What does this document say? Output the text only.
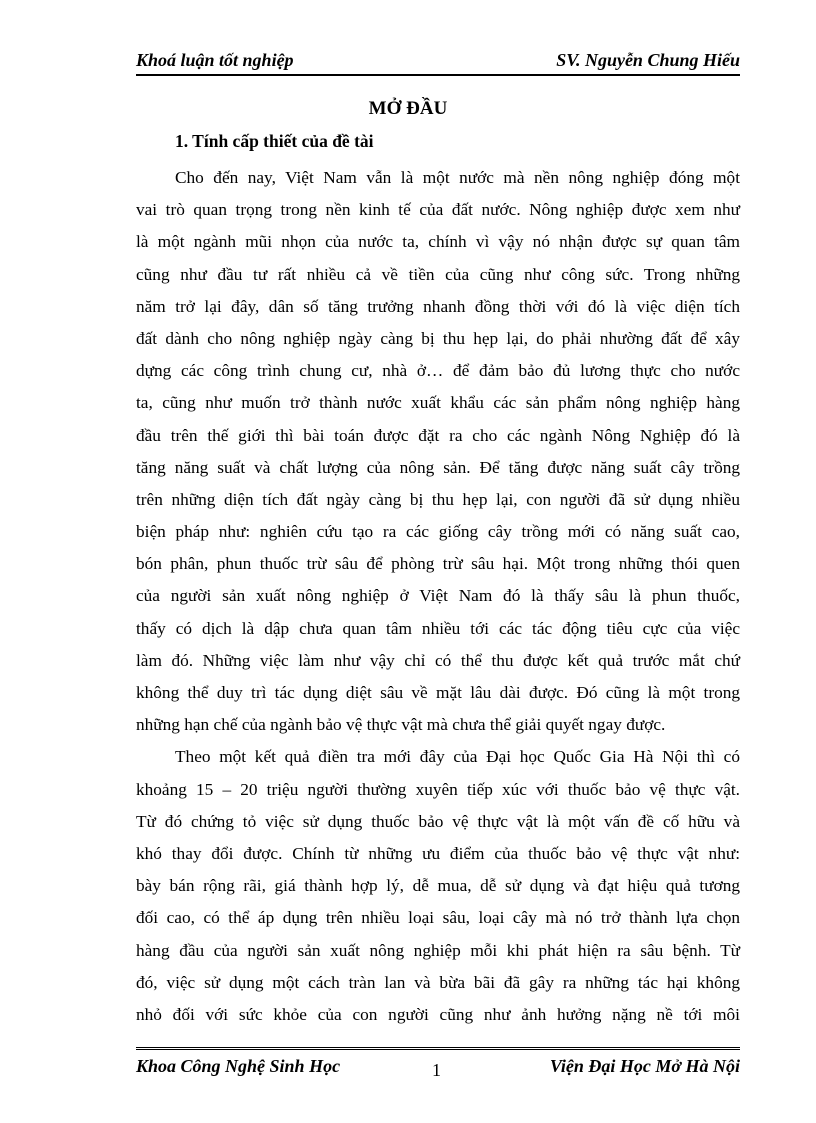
Khoá luận tốt nghiệp	SV. Nguyễn Chung Hiếu
MỞ ĐẦU
1. Tính cấp thiết của đề tài
Cho đến nay, Việt Nam vẫn là một nước mà nền nông nghiệp đóng một
vai trò quan trọng trong nền kinh tế của đất nước. Nông nghiệp được xem như
là một ngành mũi nhọn của nước ta, chính vì vậy nó nhận được sự quan tâm
cũng như đầu tư rất nhiều cả về tiền của cũng như công sức. Trong những
năm trở lại đây, dân số tăng trưởng nhanh đồng thời với đó là việc diện tích
đất dành cho nông nghiệp ngày càng bị thu hẹp lại, do phải nhường đất để xây
dựng các công trình chung cư, nhà ở… để đảm bảo đủ lương thực cho nước
ta, cũng như muốn trở thành nước xuất khẩu các sản phẩm nông nghiệp hàng
đầu trên thế giới thì bài toán được đặt ra cho các ngành Nông Nghiệp đó là
tăng năng suất và chất lượng của nông sản. Để tăng được năng suất cây trồng
trên những diện tích đất ngày càng bị thu hẹp lại, con người đã sử dụng nhiều
biện pháp như: nghiên cứu tạo ra các giống cây trồng mới có năng suất cao,
bón phân, phun thuốc trừ sâu để phòng trừ sâu hại. Một trong những thói quen
của người sản xuất nông nghiệp ở Việt Nam đó là thấy sâu là phun thuốc,
thấy có dịch là dập chưa quan tâm nhiều tới các tác động tiêu cực của việc
làm đó. Những việc làm như vậy chỉ có thể thu được kết quả trước mắt chứ
không thể duy trì tác dụng diệt sâu về mặt lâu dài được. Đó cũng là một trong
những hạn chế của ngành bảo vệ thực vật mà chưa thể giải quyết ngay được.
Theo một kết quả điền tra mới đây của Đại học Quốc Gia Hà Nội thì có
khoảng 15 – 20 triệu người thường xuyên tiếp xúc với thuốc bảo vệ thực vật.
Từ đó chứng tỏ việc sử dụng thuốc bảo vệ thực vật là một vấn đề cố hữu và
khó thay đổi được. Chính từ những ưu điểm của thuốc bảo vệ thực vật như:
bày bán rộng rãi, giá thành hợp lý, dễ mua, dễ sử dụng và đạt hiệu quả tương
đối cao, có thể áp dụng trên nhiều loại sâu, loại cây mà nó trở thành lựa chọn
hàng đầu của người sản xuất nông nghiệp mỗi khi phát hiện ra sâu bệnh. Từ
đó, việc sử dụng một cách tràn lan và bừa bãi đã gây ra những tác hại không
nhỏ đối với sức khỏe của con người cũng như ảnh hưởng nặng nề tới môi
Khoa Công Nghệ Sinh Học	1	Viện Đại Học Mở Hà Nội
